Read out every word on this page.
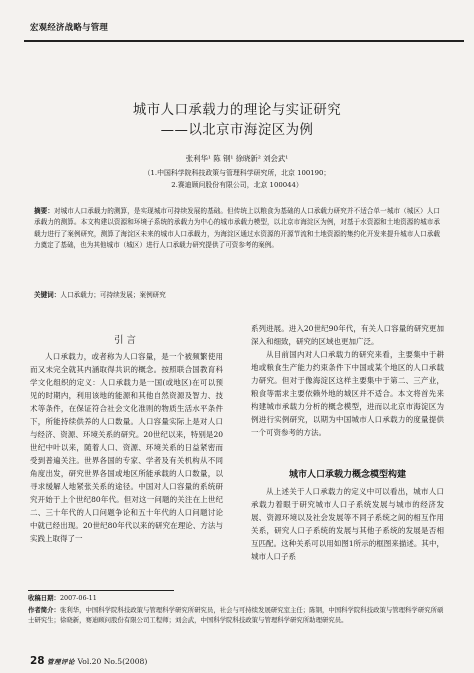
宏观经济战略与管理
城市人口承载力的理论与实证研究
——以北京市海淀区为例
张利华¹ 陈 钢¹ 徐晓新² 刘会武¹
（1.中国科学院科技政策与管理科学研究所，北京 100190；
2.赛迪顾问股份有限公司，北京 100044）
摘要：对城市人口承载力的测算，是实现城市可持续发展的基础。但传统上以粮食为基础的人口承载力研究并不适合单一城市（城区）人口承载力的测算。本文构建以资源和环境子系统的承载力为中心的城市承载力模型，以北京市海淀区为例，对基于水资源和土地资源的城市承载力进行了案例研究，测算了海淀区未来的城市人口承载力，为海淀区通过水资源的开源节流和土地资源的集约化开发来提升城市人口承载力奠定了基础，也为其他城市（城区）进行人口承载力研究提供了可资参考的案例。
关键词：人口承载力；可持续发展；案例研究
引 言

人口承载力，或者称为人口容量，是一个被频繁使用而又未完全就其内涵取得共识的概念。按照联合国教育科学文化组织的定义：人口承载力是一国(或地区)在可以预见的时期内，利用该地的能源和其他自然资源及智力、技术等条件，在保证符合社会文化准则的物质生活水平条件下，所能持续供养的人口数量。人口容量实际上是对人口与经济、资源、环境关系的研究。20世纪以来，特别是20世纪中叶以来，随着人口、资源、环境关系的日益紧密而受到普遍关注。世界各国的专家、学者及有关机构从不同角度出发，研究世界各国或地区所能承载的人口数量，以寻求缓解人地紧张关系的途径。中国对人口容量的系统研究开始于上个世纪80年代。但对这一问题的关注在上世纪二、三十年代的人口问题争论和五十年代的人口问题讨论中就已经出现。20世纪80年代以来的研究在理论、方法与实践上取得了一

系列进展。进入20世纪90年代，有关人口容量的研究更加深入和细致，研究的区域也更加广泛。

从目前国内对人口承载力的研究来看，主要集中于耕地或粮食生产能力约束条件下中国或某个地区的人口承载力研究。但对于像海淀区这样主要集中于第二、三产业，粮食等需求主要依赖外地的城区并不适合。本文将首先来构建城市承载力分析的概念模型，进而以北京市海淀区为例进行实例研究，以期为中国城市人口承载力的度量提供一个可资参考的方法。

城市人口承载力概念模型构建

从上述关于人口承载力的定义中可以看出，城市人口承载力着眼于研究城市人口子系统发展与城市的经济发展、资源环境以及社会发展等不同子系统之间的相互作用关系，研究人口子系统的发展与其他子系统的发展是否相互匹配。这种关系可以用如图1所示的框图来描述。其中，城市人口子系

收稿日期：2007-06-11
作者简介：张利华，中国科学院科技政策与管理科学研究所研究员，社会与可持续发展研究室主任；陈钢，中国科学院科技政策与管理科学研究所硕士研究生；徐晓新，赛迪顾问股份有限公司工程师；刘会武，中国科学院科技政策与管理科学研究所助理研究员。
28 管理评论 Vol.20 No.5(2008)
